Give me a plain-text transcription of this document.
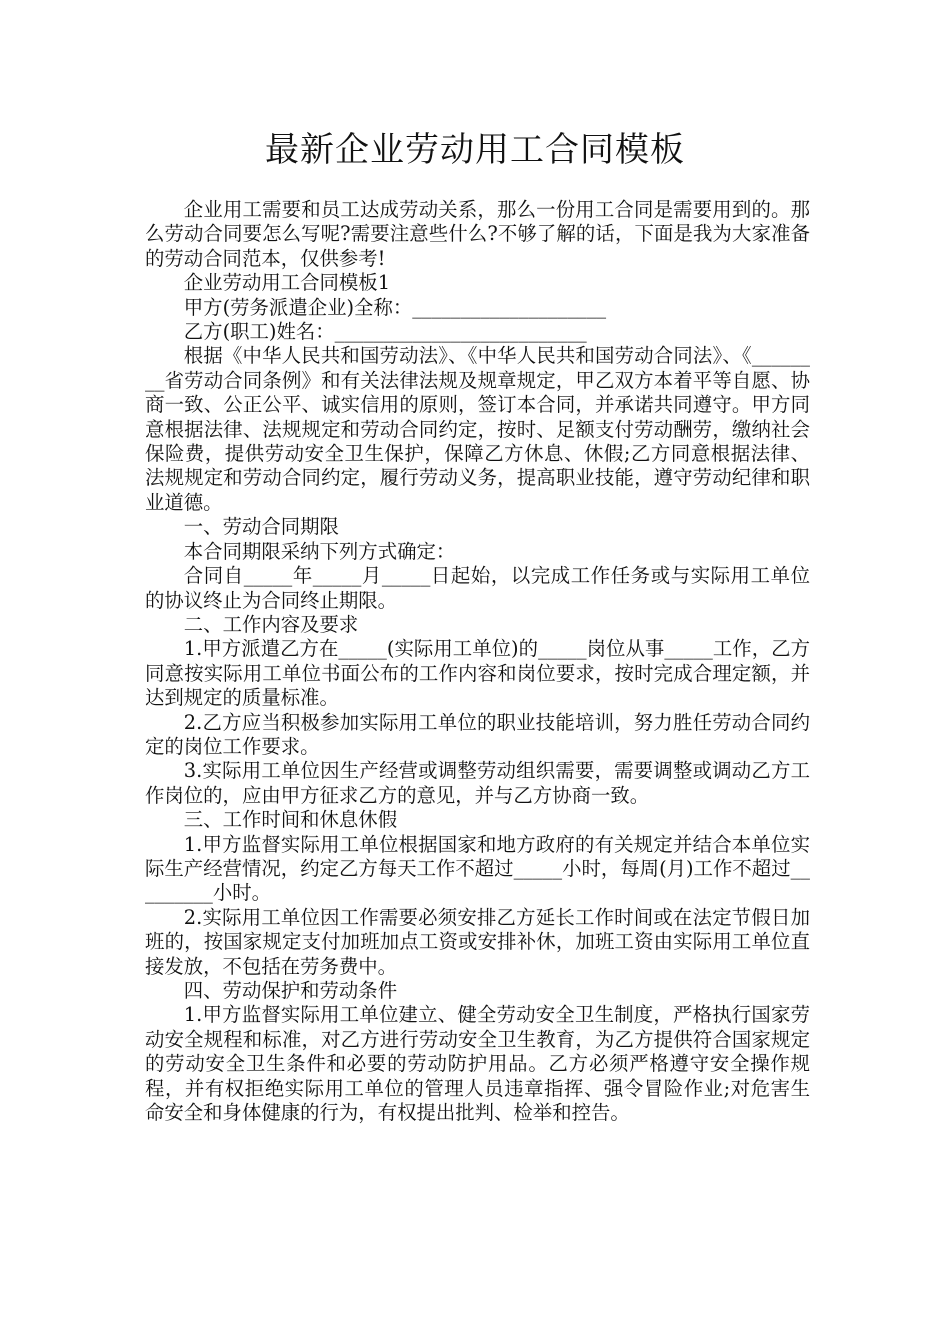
最新企业劳动用工合同模板

企业用工需要和员工达成劳动关系，那么一份用工合同是需要用到的。那么劳动合同要怎么写呢?需要注意些什么?不够了解的话，下面是我为大家准备的劳动合同范本，仅供参考!

企业劳动用工合同模板1

甲方(劳务派遣企业)全称：____________________

乙方(职工)姓名：__________________________

根据《中华人民共和国劳动法》、《中华人民共和国劳动合同法》、《________省劳动合同条例》和有关法律法规及规章规定，甲乙双方本着平等自愿、协商一致、公正公平、诚实信用的原则，签订本合同，并承诺共同遵守。甲方同意根据法律、法规规定和劳动合同约定，按时、足额支付劳动酬劳，缴纳社会保险费，提供劳动安全卫生保护，保障乙方休息、休假;乙方同意根据法律、法规规定和劳动合同约定，履行劳动义务，提高职业技能，遵守劳动纪律和职业道德。

一、劳动合同期限

本合同期限采纳下列方式确定：

合同自_____年_____月_____日起始，以完成工作任务或与实际用工单位的协议终止为合同终止期限。

二、工作内容及要求

1.甲方派遣乙方在_____(实际用工单位)的_____岗位从事_____工作，乙方同意按实际用工单位书面公布的工作内容和岗位要求，按时完成合理定额，并达到规定的质量标准。

2.乙方应当积极参加实际用工单位的职业技能培训，努力胜任劳动合同约定的岗位工作要求。

3.实际用工单位因生产经营或调整劳动组织需要，需要调整或调动乙方工作岗位的，应由甲方征求乙方的意见，并与乙方协商一致。

三、工作时间和休息休假

1.甲方监督实际用工单位根据国家和地方政府的有关规定并结合本单位实际生产经营情况，约定乙方每天工作不超过_____小时，每周(月)工作不超过_________小时。

2.实际用工单位因工作需要必须安排乙方延长工作时间或在法定节假日加班的，按国家规定支付加班加点工资或安排补休，加班工资由实际用工单位直接发放，不包括在劳务费中。

四、劳动保护和劳动条件

1.甲方监督实际用工单位建立、健全劳动安全卫生制度，严格执行国家劳动安全规程和标准，对乙方进行劳动安全卫生教育，为乙方提供符合国家规定的劳动安全卫生条件和必要的劳动防护用品。乙方必须严格遵守安全操作规程，并有权拒绝实际用工单位的管理人员违章指挥、强令冒险作业;对危害生命安全和身体健康的行为，有权提出批判、检举和控告。
